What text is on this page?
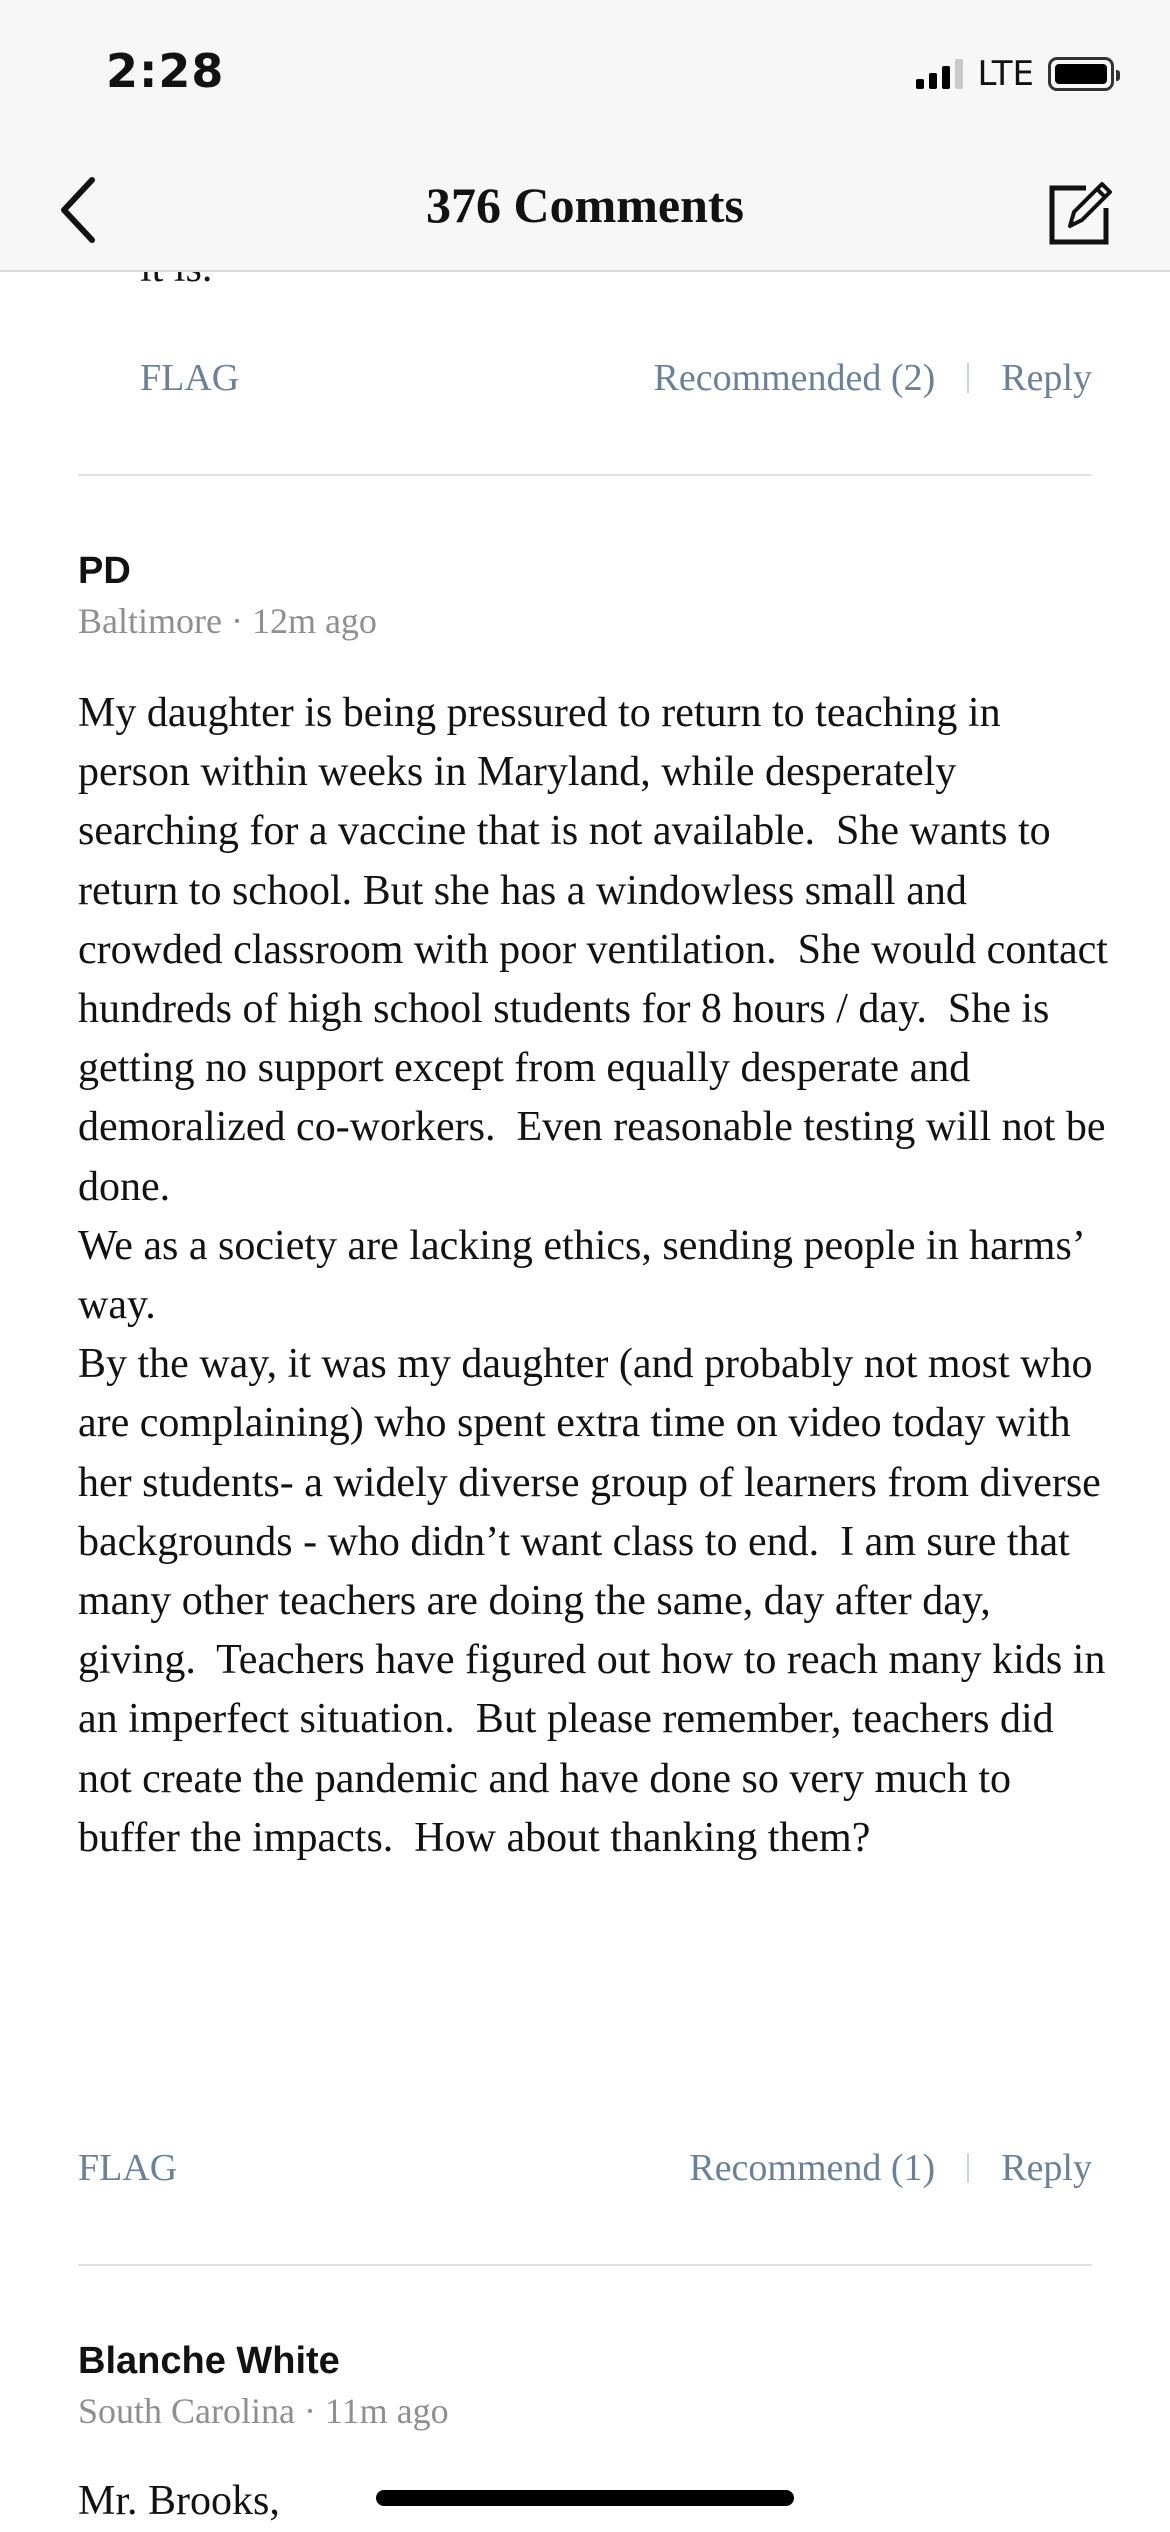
2:28	LTE
376 Comments
FLAG	Recommended (2) Reply
PD
Baltimore · 12m ago
My daughter is being pressured to return to teaching in person within weeks in Maryland, while desperately searching for a vaccine that is not available.  She wants to return to school. But she has a windowless small and crowded classroom with poor ventilation.  She would contact hundreds of high school students for 8 hours / day.  She is getting no support except from equally desperate and demoralized co-workers.  Even reasonable testing will not be done.
We as a society are lacking ethics, sending people in harms’ way.
By the way, it was my daughter (and probably not most who are complaining) who spent extra time on video today with her students- a widely diverse group of learners from diverse backgrounds - who didn’t want class to end.  I am sure that many other teachers are doing the same, day after day, giving.  Teachers have figured out how to reach many kids in an imperfect situation.  But please remember, teachers did not create the pandemic and have done so very much to buffer the impacts.  How about thanking them?
FLAG	Recommend (1) Reply
Blanche White
South Carolina · 11m ago
Mr. Brooks,
